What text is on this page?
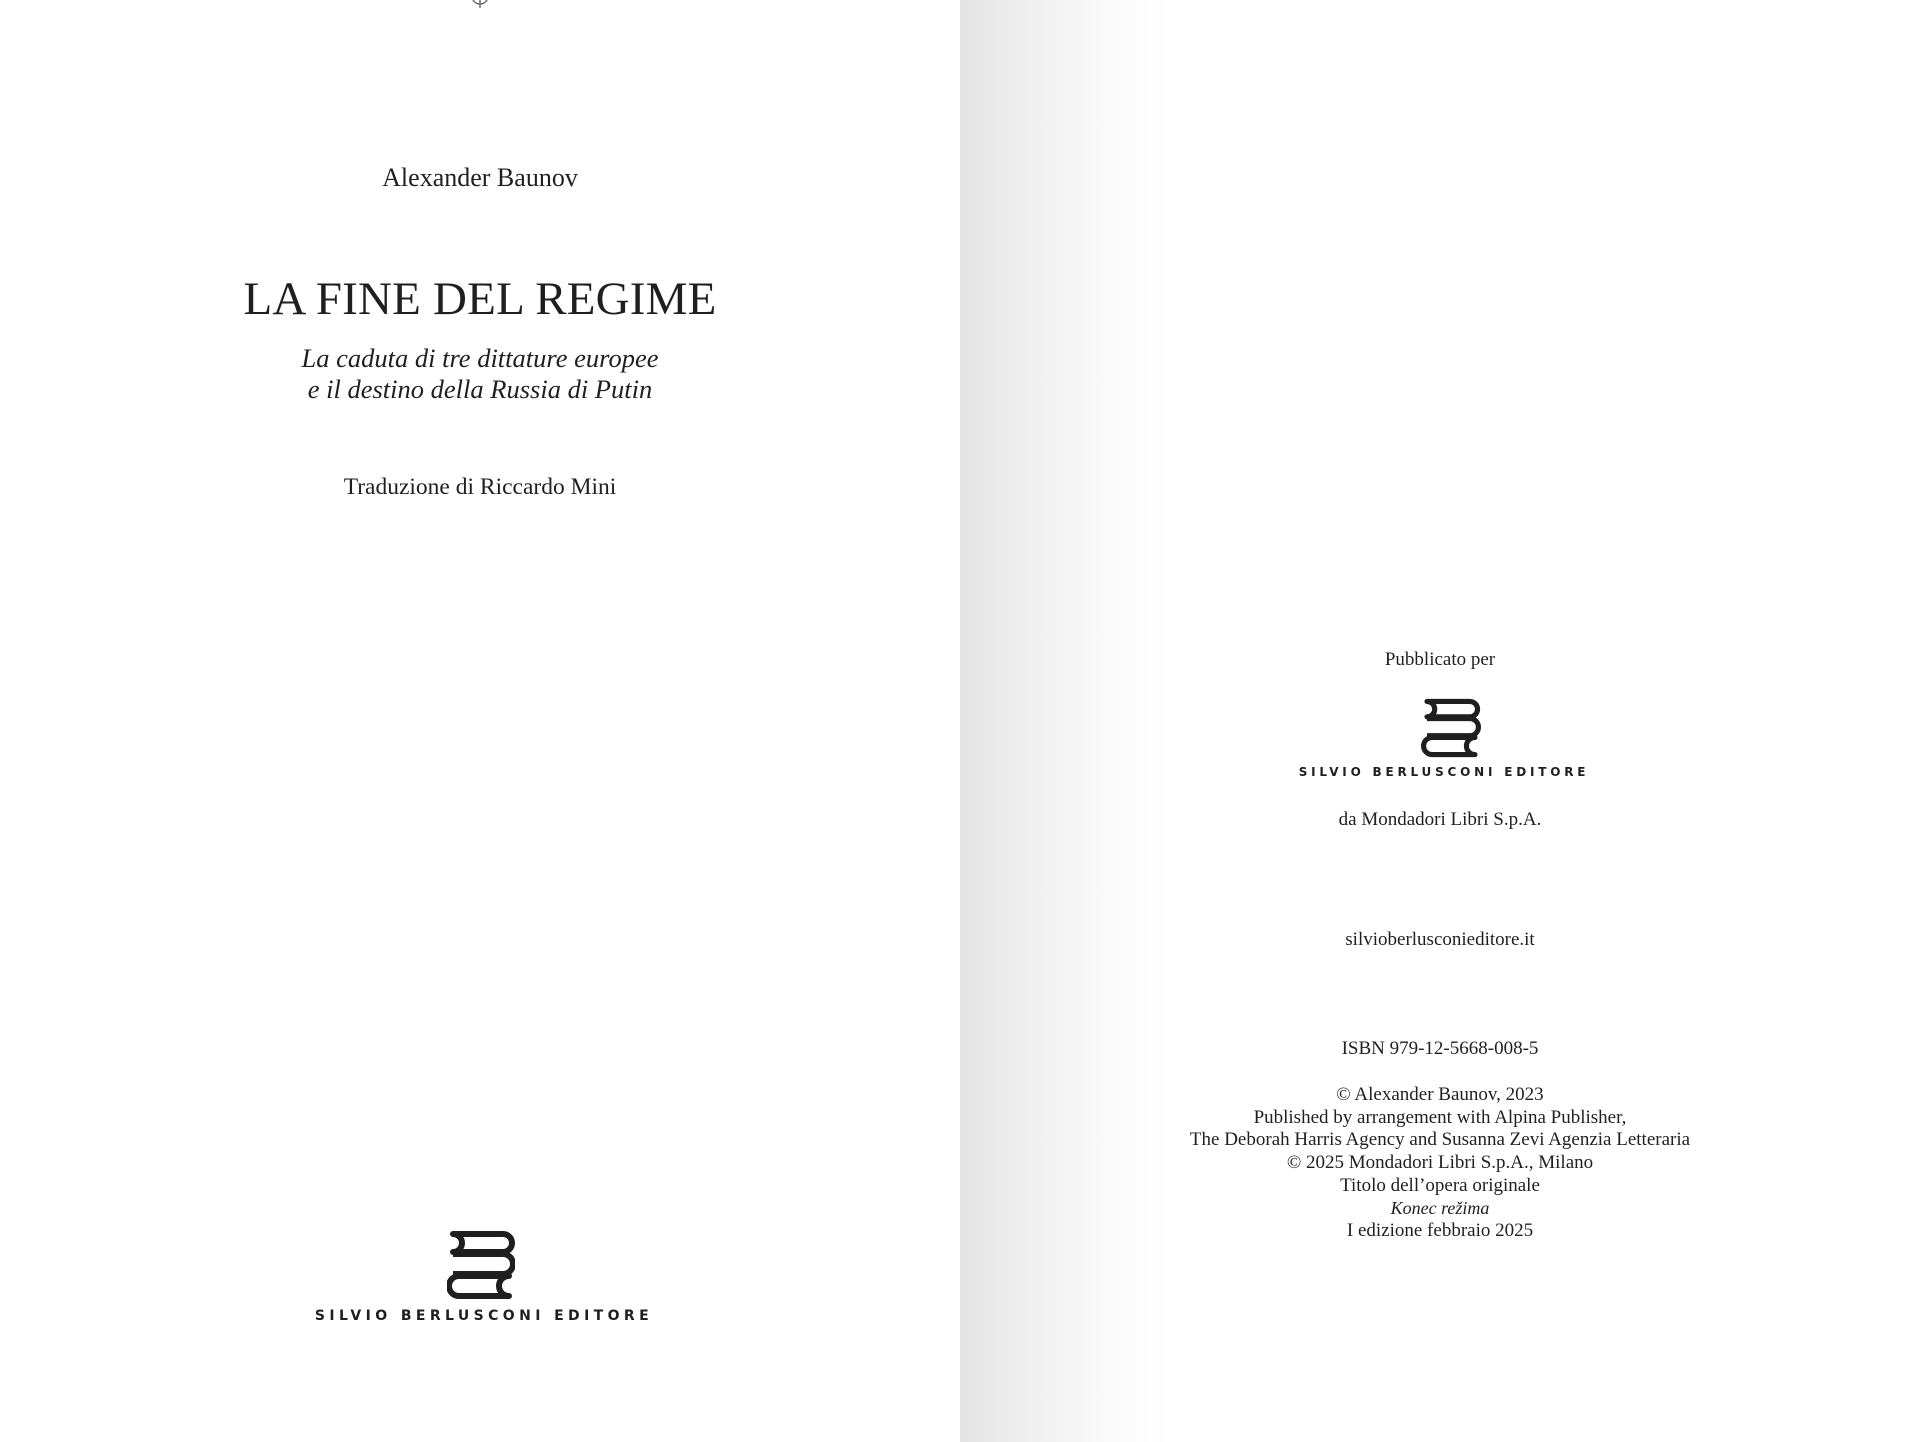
Alexander Baunov
LA FINE DEL REGIME
La caduta di tre dittature europee
e il destino della Russia di Putin
Traduzione di Riccardo Mini
SILVIO BERLUSCONI EDITORE
Pubblicato per
SILVIO BERLUSCONI EDITORE
da Mondadori Libri S.p.A.
silvioberlusconieditore.it
ISBN 979-12-5668-008-5
© Alexander Baunov, 2023
Published by arrangement with Alpina Publisher,
The Deborah Harris Agency and Susanna Zevi Agenzia Letteraria
© 2025 Mondadori Libri S.p.A., Milano
Titolo dell’opera originale
Konec režima
I edizione febbraio 2025
